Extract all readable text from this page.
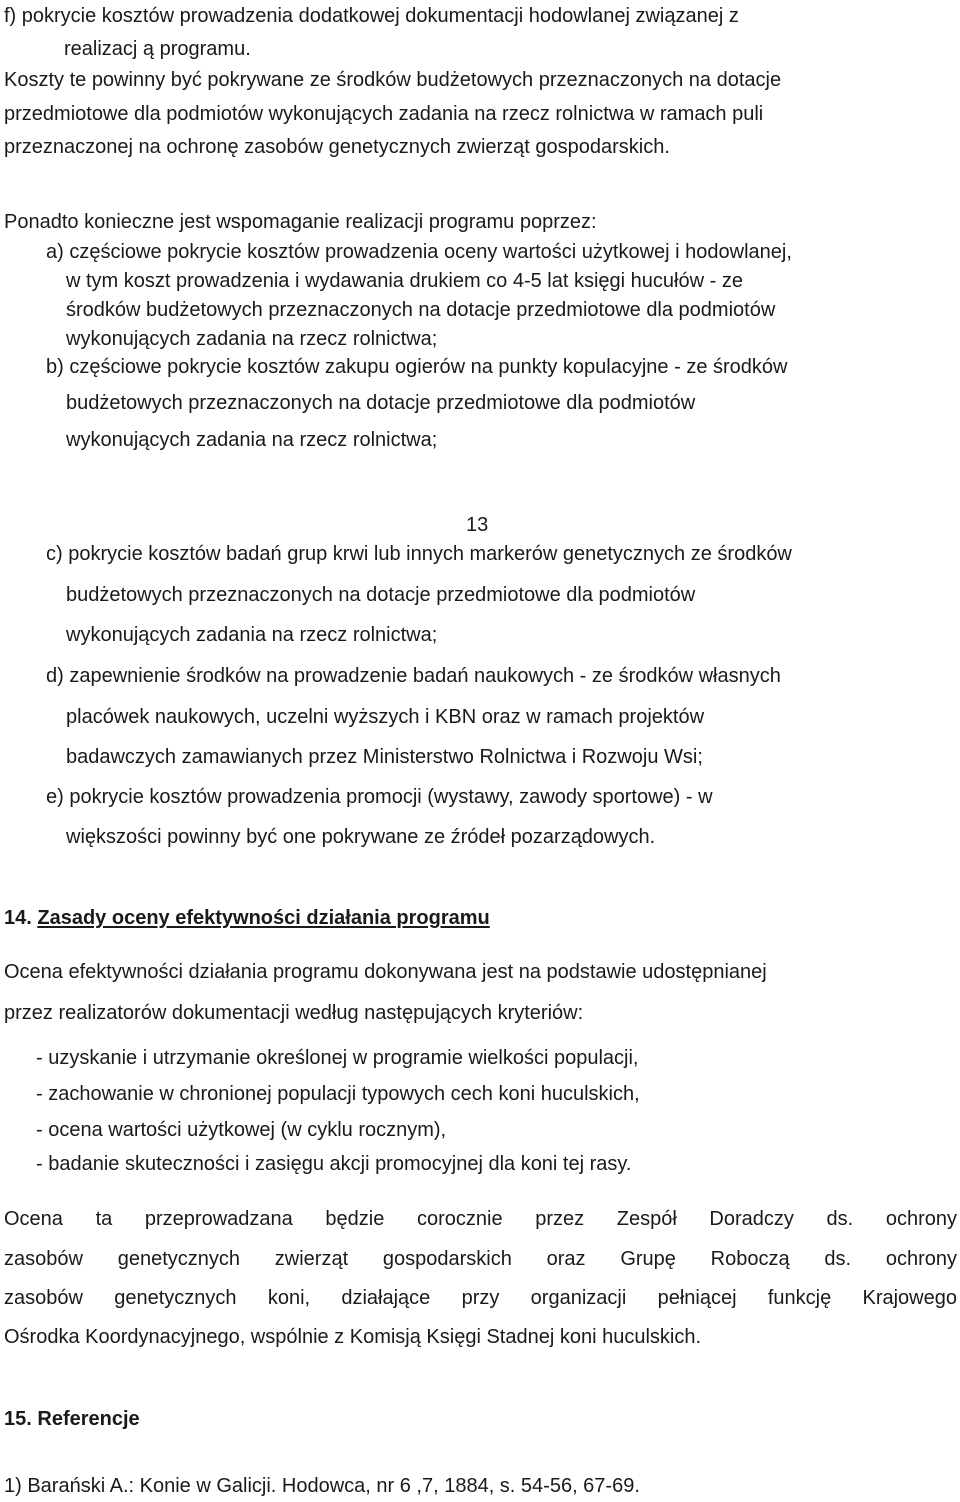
f) pokrycie kosztów prowadzenia dodatkowej dokumentacji hodowlanej związanej z
realizacj ą programu.
Koszty te powinny być pokrywane ze środków budżetowych przeznaczonych na dotacje
przedmiotowe dla podmiotów wykonujących zadania na rzecz rolnictwa w ramach puli
przeznaczonej na ochronę zasobów genetycznych zwierząt gospodarskich.
Ponadto konieczne jest wspomaganie realizacji programu poprzez:
a) częściowe pokrycie kosztów prowadzenia oceny wartości użytkowej i hodowlanej,
w tym koszt prowadzenia i wydawania drukiem co 4-5 lat księgi hucułów - ze
środków budżetowych przeznaczonych na dotacje przedmiotowe dla podmiotów
wykonujących zadania na rzecz rolnictwa;
b) częściowe pokrycie kosztów zakupu ogierów na punkty kopulacyjne - ze środków
budżetowych przeznaczonych na dotacje przedmiotowe dla podmiotów
wykonujących zadania na rzecz rolnictwa;
13
c) pokrycie kosztów badań grup krwi lub innych markerów genetycznych ze środków
budżetowych przeznaczonych na dotacje przedmiotowe dla podmiotów
wykonujących zadania na rzecz rolnictwa;
d) zapewnienie środków na prowadzenie badań naukowych - ze środków własnych
placówek naukowych, uczelni wyższych i KBN oraz w ramach projektów
badawczych zamawianych przez Ministerstwo Rolnictwa i Rozwoju Wsi;
e) pokrycie kosztów prowadzenia promocji (wystawy, zawody sportowe) - w
większości powinny być one pokrywane ze źródeł pozarządowych.
14. Zasady oceny efektywności działania programu
Ocena efektywności działania programu dokonywana jest na podstawie udostępnianej
przez realizatorów dokumentacji według następujących kryteriów:
- uzyskanie i utrzymanie określonej w programie wielkości populacji,
- zachowanie w chronionej populacji typowych cech koni huculskich,
- ocena wartości użytkowej (w cyklu rocznym),
- badanie skuteczności i zasięgu akcji promocyjnej dla koni tej rasy.
Ocena ta przeprowadzana będzie corocznie przez Zespół Doradczy ds. ochrony
zasobów genetycznych zwierząt gospodarskich oraz Grupę Roboczą ds. ochrony
zasobów genetycznych koni, działające przy organizacji pełniącej funkcję Krajowego
Ośrodka Koordynacyjnego, wspólnie z Komisją Księgi Stadnej koni huculskich.
15. Referencje
1) Barański A.: Konie w Galicji. Hodowca, nr 6 ,7, 1884, s. 54-56, 67-69.
